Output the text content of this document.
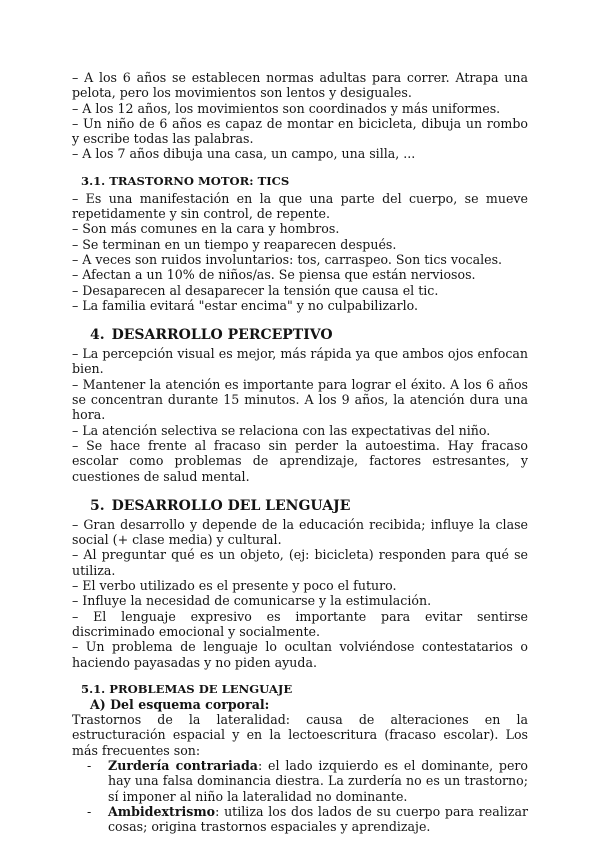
– A los 6 años se establecen normas adultas para correr. Atrapa una pelota, pero los movimientos son lentos y desiguales.

– A los 12 años, los movimientos son coordinados y más uniformes.

– Un niño de 6 años es capaz de montar en bicicleta, dibuja un rombo y escribe todas las palabras.

– A los 7 años dibuja una casa, un campo, una silla, ...

3.1. TRASTORNO MOTOR: TICS

– Es una manifestación en la que una parte del cuerpo, se mueve repetidamente y sin control, de repente.

– Son más comunes en la cara y hombros.

– Se terminan en un tiempo y reaparecen después.

– A veces son ruidos involuntarios: tos, carraspeo. Son tics vocales.

– Afectan a un 10% de niños/as. Se piensa que están nerviosos.

– Desaparecen al desaparecer la tensión que causa el tic.

– La familia evitará "estar encima" y no culpabilizarlo.

4. DESARROLLO PERCEPTIVO

– La percepción visual es mejor, más rápida ya que ambos ojos enfocan bien.

– Mantener la atención es importante para lograr el éxito. A los 6 años se concentran durante 15 minutos. A los 9 años, la atención dura una hora.

– La atención selectiva se relaciona con las expectativas del niño.

– Se hace frente al fracaso sin perder la autoestima. Hay fracaso escolar como problemas de aprendizaje, factores estresantes, y cuestiones de salud mental.

5. DESARROLLO DEL LENGUAJE

– Gran desarrollo y depende de la educación recibida; influye la clase social (+ clase media) y cultural.

– Al preguntar qué es un objeto, (ej: bicicleta) responden para qué se utiliza.

– El verbo utilizado es el presente y poco el futuro.

– Influye la necesidad de comunicarse y la estimulación.

– El lenguaje expresivo es importante para evitar sentirse discriminado emocional y socialmente.

– Un problema de lenguaje lo ocultan volviéndose contestatarios o haciendo payasadas y no piden ayuda.

5.1. PROBLEMAS DE LENGUAJE
A) Del esquema corporal:

Trastornos de la lateralidad: causa de alteraciones en la estructuración espacial y en la lectoescritura (fracaso escolar). Los más frecuentes son:

- Zurdería contrariada: el lado izquierdo es el dominante, pero hay una falsa dominancia diestra. La zurdería no es un trastorno; sí imponer al niño la lateralidad no dominante.
- Ambidextrismo: utiliza los dos lados de su cuerpo para realizar cosas; origina trastornos espaciales y aprendizaje.
